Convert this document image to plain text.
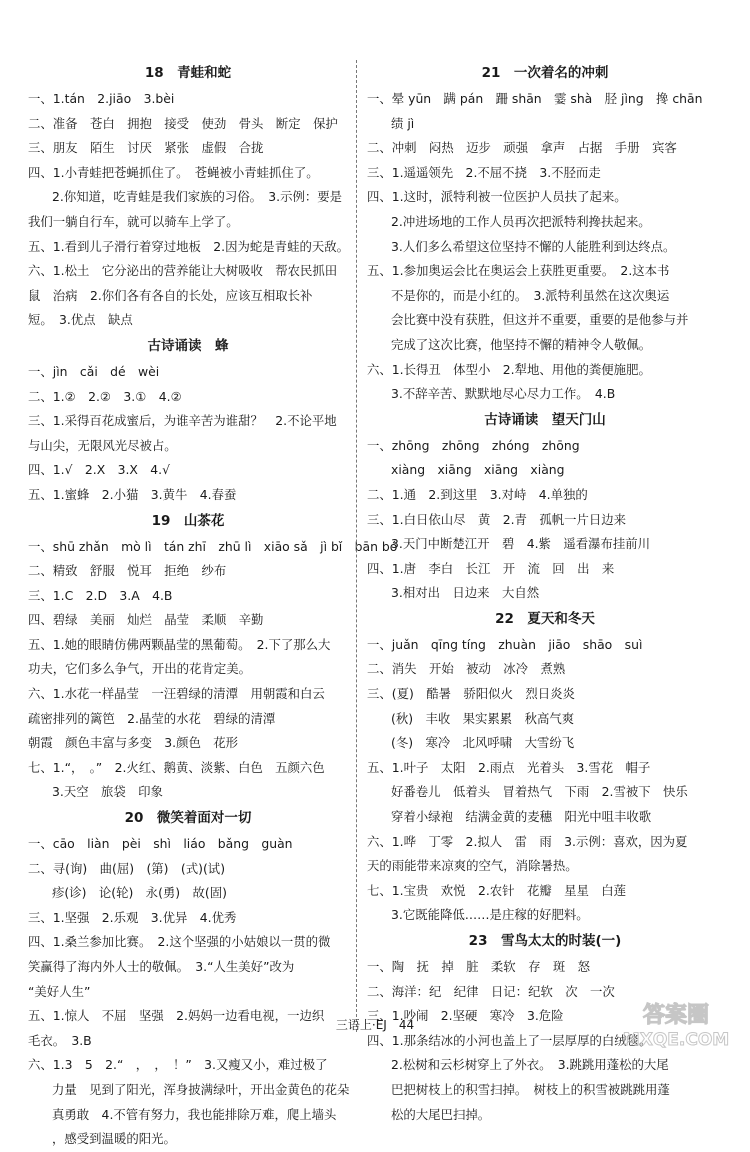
18　青蛙和蛇
一、1.tán　2.jiāo　3.bèi
二、准备　苍白　拥抱　接受　使劲　骨头　断定　保护
三、朋友　陌生　讨厌　紧张　虚假　合拢
四、1.小青蛙把苍蝇抓住了。　苍蝇被小青蛙抓住了。
2.你知道，吃青蛙是我们家族的习俗。　3.示例：要是
我们一躺自行车，就可以骑车上学了。
五、1.看到儿子滑行着穿过地板　2.因为蛇是青蛙的天敌。
六、1.松土　它分泌出的营养能让大树吸收　帮农民抓田
鼠　治病　2.你们各有各自的长处，应该互相取长补
短。　3.优点　缺点
古诗诵读　蜂
一、jìn　cǎi　dé　wèi
二、1.②　2.②　3.①　4.②
三、1.采得百花成蜜后，为谁辛苦为谁甜？　2.不论平地
与山尖，无限风光尽被占。
四、1.√　2.X　3.X　4.√
五、1.蜜蜂　2.小猫　3.黄牛　4.春蚕
19　山茶花
一、shū zhǎn　mò lì　tán zhī　zhū lì　xiāo sǎ　jì bǐ　bān bó
二、精致　舒服　悦耳　拒绝　纱布
三、1.C　2.D　3.A　4.B
四、碧绿　美丽　灿烂　晶莹　柔顺　辛勤
五、1.她的眼睛仿佛两颗晶莹的黑葡萄。　2.下了那么大
功夫，它们多么争气，开出的花肯定美。
六、1.水花一样晶莹　一汪碧绿的清潭　用朝霞和白云
疏密排列的篱笆　2.晶莹的水花　碧绿的清潭
朝霞　颜色丰富与多变　3.颜色　花形
七、1.“，　。”　2.火红、鹅黄、淡紫、白色　五颜六色
3.天空　旅袋　印象
20　微笑着面对一切
一、cāo　liàn　pèi　shì　liáo　bǎng　guàn
二、寻(询)　曲(屈)　(第)　(式)(试)
疹(诊)　论(轮)　永(勇)　故(固)
三、1.坚强　2.乐观　3.优异　4.优秀
四、1.桑兰参加比赛。　2.这个坚强的小姑娘以一贯的微
笑赢得了海内外人士的敬佩。　3.“人生美好”改为
“美好人生”
五、1.惊人　不屈　坚强　2.妈妈一边看电视，一边织
毛衣。　3.B
六、1.3　5　2.“　，　，　！”　3.又瘦又小，难过极了
力量　见到了阳光，浑身披满绿叶，开出金黄色的花朵
真勇敢　4.不管有努力，我也能排除万难，爬上墙头
，感受到温暖的阳光。
21　一次着名的冲刺
一、晕 yūn　蹒 pán　跚 shān　霎 shà　胫 jìng　搀 chān
绩 jì
二、冲刺　闷热　迈步　顽强　拿声　占据　手册　宾客
三、1.遥遥领先　2.不屈不挠　3.不胫而走
四、1.这时，派特利被一位医护人员扶了起来。
2.冲进场地的工作人员再次把派特利搀扶起来。
3.人们多么希望这位坚持不懈的人能胜利到达终点。
五、1.参加奥运会比在奥运会上获胜更重要。　2.这本书
不是你的，而是小红的。　3.派特利虽然在这次奥运
会比赛中没有获胜，但这并不重要，重要的是他参与并
完成了这次比赛，他坚持不懈的精神令人敬佩。
六、1.长得丑　体型小　2.犁地、用他的粪便施肥。
3.不辞辛苦、默默地尽心尽力工作。　4.B
古诗诵读　望天门山
一、zhōng　zhōng　zhóng　zhōng
xiàng　xiāng　xiāng　xiàng
二、1.通　2.到这里　3.对峙　4.单独的
三、1.白日依山尽　黄　2.青　孤帆一片日边来
3.天门中断楚江开　碧　4.紫　遥看瀑布挂前川
四、1.唐　李白　长江　开　流　回　出　来
3.相对出　日边来　大自然
22　夏天和冬天
一、juǎn　qīng tíng　zhuàn　jiāo　shāo　suì
二、消失　开始　被动　冰冷　煮熟
三、(夏)　酷暑　骄阳似火　烈日炎炎
(秋)　丰收　果实累累　秋高气爽
(冬)　寒冷　北风呼啸　大雪纷飞
五、1.叶子　太阳　2.雨点　光着头　3.雪花　帽子
好番卷儿　低着头　冒着热气　下雨　2.雪被下　快乐
穿着小绿袍　结满金黄的麦穗　阳光中咀丰收歌
六、1.哗　丁零　2.拟人　雷　雨　3.示例：喜欢，因为夏
天的雨能带来凉爽的空气，消除暑热。
七、1.宝贵　欢悦　2.农针　花瓣　星星　白莲
3.它既能降低……是庄稼的好肥料。
23　雪鸟太太的时装(一)
一、陶　抚　掉　脏　柔软　存　斑　怒
二、海洋：纪　纪律　日记：纪软　次　一次
三、1.吵闹　2.坚硬　寒冷　3.危险
四、1.那条结冰的小河也盖上了一层厚厚的白绒毯。
2.松树和云杉树穿上了外衣。　3.跳跳用蓬松的大尾
巴把树枝上的积雪扫掉。　树枝上的积雪被跳跳用蓬
松的大尾巴扫掉。
三语上·EJ　44	答案圈
MXQE.COM
